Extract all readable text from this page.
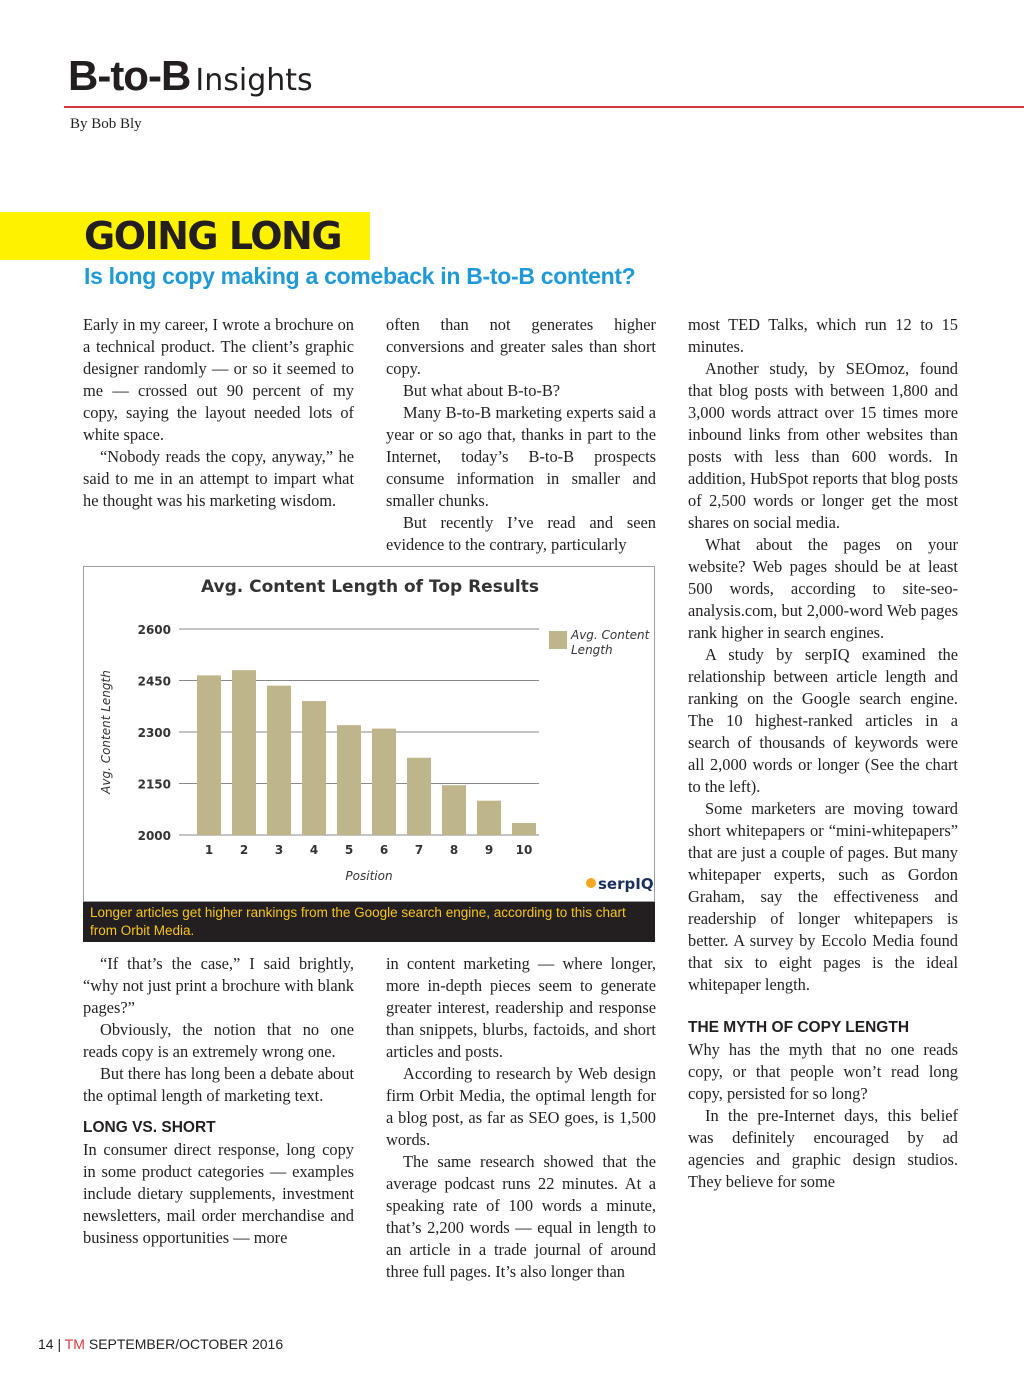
B-to-B Insights
By Bob Bly
GOING LONG
Is long copy making a comeback in B-to-B content?

Early in my career, I wrote a brochure on a technical product. The client’s graphic designer randomly — or so it seemed to me — crossed out 90 percent of my copy, saying the layout needed lots of white space.

“Nobody reads the copy, anyway,” he said to me in an attempt to impart what he thought was his marketing wisdom.

often than not generates higher conversions and greater sales than short copy.

But what about B-to-B?

Many B-to-B marketing experts said a year or so ago that, thanks in part to the Internet, today’s B-to-B prospects consume information in smaller and smaller chunks.

But recently I’ve read and seen evidence to the contrary, particularly

2000
2150
2300
2450
2600
1 2 3 4 5 6 7 8 9 10
Position
Avg. Content Length
Avg. Content Length
serpIQ
Avg. Content Length of Top Results
Longer articles get higher rankings from the Google search engine, according to this chart from Orbit Media.

“If that’s the case,” I said brightly, “why not just print a brochure with blank pages?”

Obviously, the notion that no one reads copy is an extremely wrong one.

But there has long been a debate about the optimal length of marketing text.

LONG VS. SHORT

In consumer direct response, long copy in some product categories — examples include dietary supplements, investment newsletters, mail order merchandise and business opportunities — more

in content marketing — where longer, more in-depth pieces seem to generate greater interest, readership and response than snippets, blurbs, factoids, and short articles and posts.

According to research by Web design firm Orbit Media, the optimal length for a blog post, as far as SEO goes, is 1,500 words.

The same research showed that the average podcast runs 22 minutes. At a speaking rate of 100 words a minute, that’s 2,200 words — equal in length to an article in a trade journal of around three full pages. It’s also longer than

most TED Talks, which run 12 to 15 minutes.

Another study, by SEOmoz, found that blog posts with between 1,800 and 3,000 words attract over 15 times more inbound links from other websites than posts with less than 600 words. In addition, HubSpot reports that blog posts of 2,500 words or longer get the most shares on social media.

What about the pages on your website? Web pages should be at least 500 words, according to site-seo-analysis.com, but 2,000-word Web pages rank higher in search engines.

A study by serpIQ examined the relationship between article length and ranking on the Google search engine. The 10 highest-ranked articles in a search of thousands of keywords were all 2,000 words or longer (See the chart to the left).

Some marketers are moving toward short whitepapers or “mini-whitepapers” that are just a couple of pages. But many whitepaper experts, such as Gordon Graham, say the effectiveness and readership of longer whitepapers is better. A survey by Eccolo Media found that six to eight pages is the ideal whitepaper length.

THE MYTH OF COPY LENGTH

Why has the myth that no one reads copy, or that people won’t read long copy, persisted for so long?

In the pre-Internet days, this belief was definitely encouraged by ad agencies and graphic design studios. They believe for some

14 | TM SEPTEMBER/OCTOBER 2016
